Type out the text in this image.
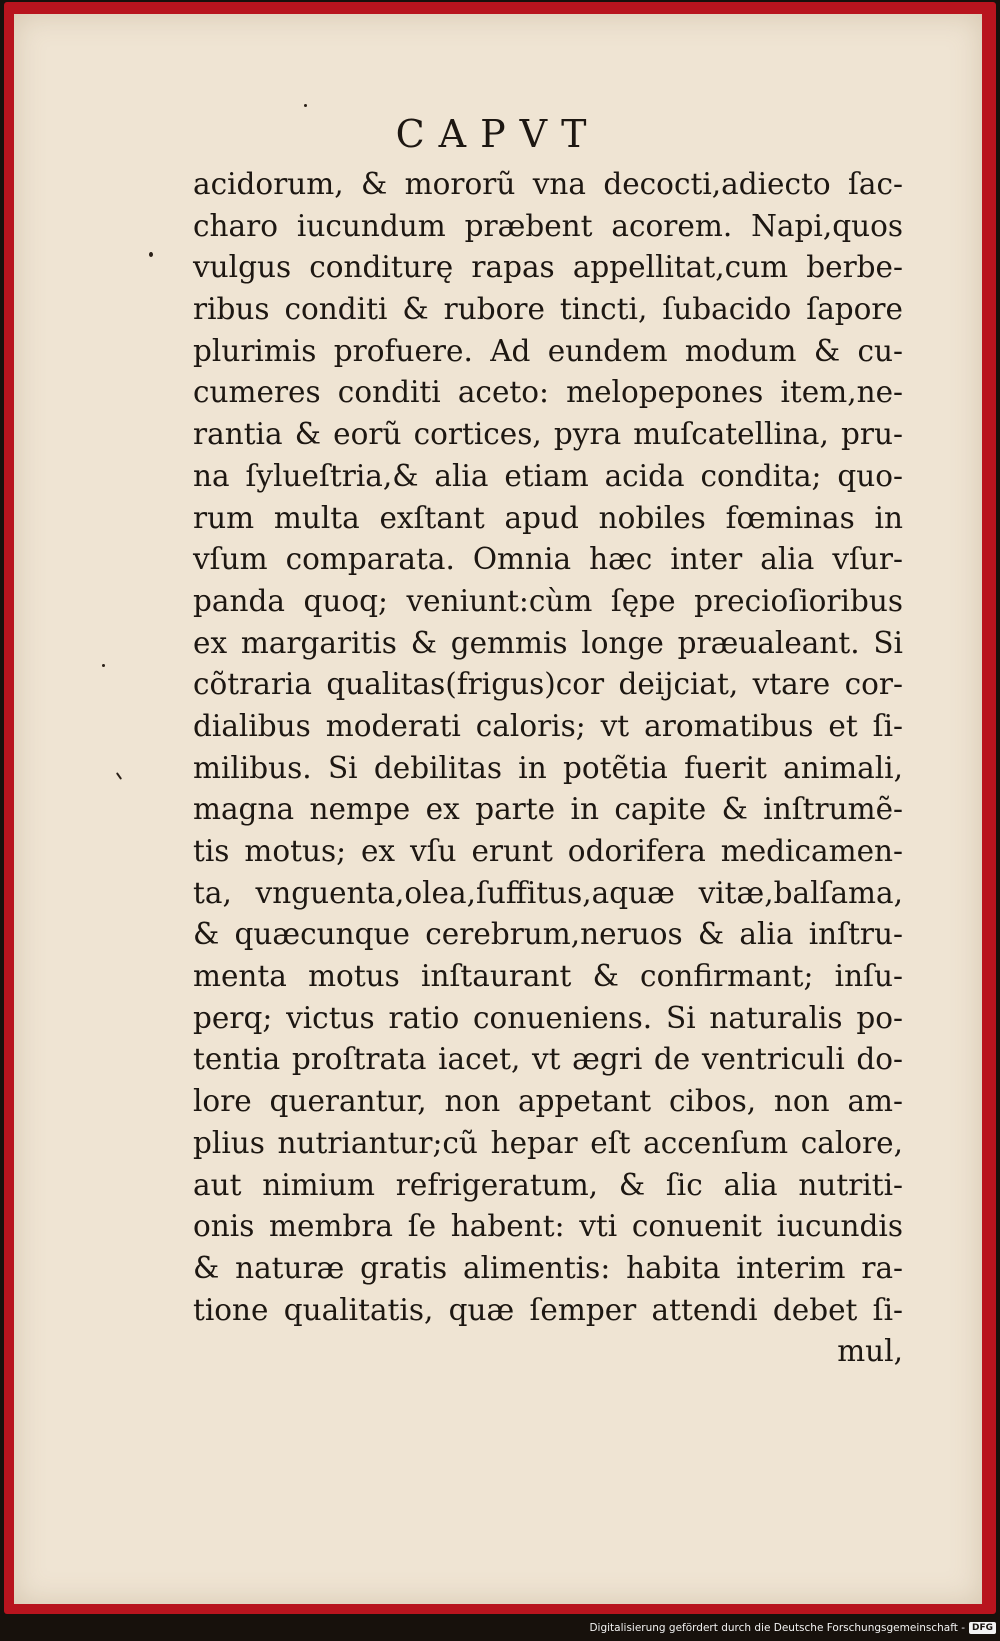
CAPVT
acidorum, & mororũ vna decocti,adiecto ſac-
charo iucundum præbent acorem. Napi,quos
vulgus conditurę rapas appellitat,cum berbe-
ribus conditi & rubore tincti, ſubacido ſapore
plurimis profuere. Ad eundem modum & cu-
cumeres conditi aceto: melopepones item,ne-
rantia & eorũ cortices, pyra muſcatellina, pru-
na ſylueſtria,& alia etiam acida condita; quo-
rum multa exſtant apud nobiles fœminas in
vſum comparata. Omnia hæc inter alia vſur-
panda quoq; veniunt:cùm ſępe precioſioribus
ex margaritis & gemmis longe præualeant. Si
cõtraria qualitas(frigus)cor deijciat, vtare cor-
dialibus moderati caloris; vt aromatibus et ſi-
milibus. Si debilitas in potẽtia fuerit animali,
magna nempe ex parte in capite & inſtrumẽ-
tis motus; ex vſu erunt odorifera medicamen-
ta, vnguenta,olea,ſuffitus,aquæ vitæ,balſama,
& quæcunque cerebrum,neruos & alia inſtru-
menta motus inſtaurant & confirmant; inſu-
perq; victus ratio conueniens. Si naturalis po-
tentia proſtrata iacet, vt ægri de ventriculi do-
lore querantur, non appetant cibos, non am-
plius nutriantur;cũ hepar eſt accenſum calore,
aut nimium refrigeratum, & ſic alia nutriti-
onis membra ſe habent: vti conuenit iucundis
& naturæ gratis alimentis: habita interim ra-
tione qualitatis, quæ ſemper attendi debet ſi-
mul,
Digitalisierung gefördert durch die Deutsche Forschungsgemeinschaft - DFG
